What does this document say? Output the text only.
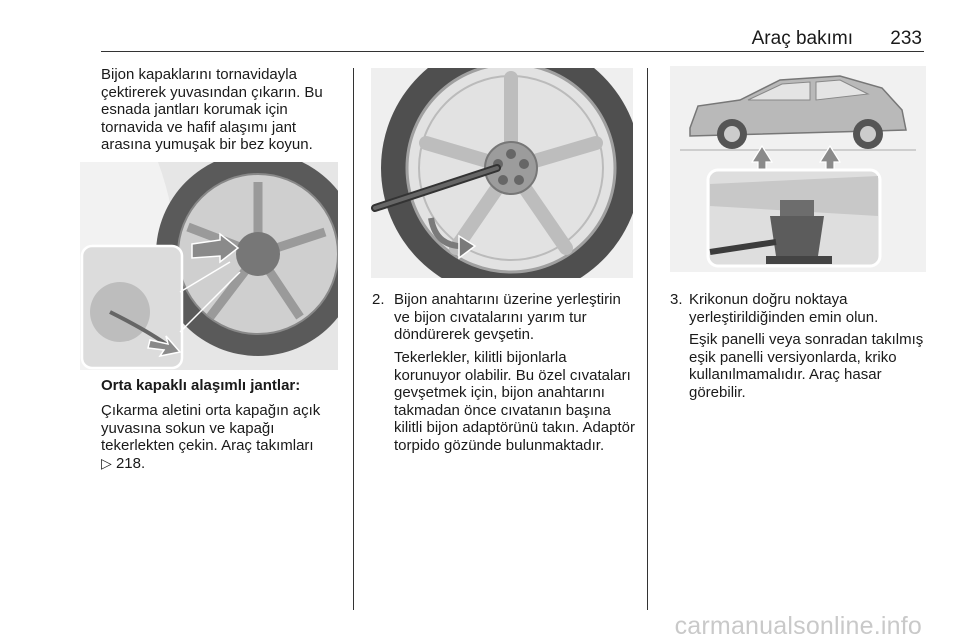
Araç bakımı 233

Bijon kapaklarını tornavidayla çektirerek yuvasından çıkarın. Bu esnada jantları korumak için tornavida ve hafif alaşımı jant arasına yumuşak bir bez koyun.

Orta kapaklı alaşımlı jantlar:

Çıkarma aletini orta kapağın açık yuvasına sokun ve kapağı tekerlekten çekin. Araç takımları
▷ 218.

2. Bijon anahtarını üzerine yerleştirin ve bijon cıvatalarını yarım tur döndürerek gevşetin.

Tekerlekler, kilitli bijonlarla korunuyor olabilir. Bu özel cıvataları gevşetmek için, bijon anahtarını takmadan önce cıvatanın başına kilitli bijon adaptörünü takın. Adaptör torpido gözünde bulunmaktadır.

3. Krikonun doğru noktaya yerleştirildiğinden emin olun.

Eşik panelli veya sonradan takılmış eşik panelli versiyonlarda, kriko kullanılmamalıdır. Araç hasar görebilir.

carmanualsonline.info
